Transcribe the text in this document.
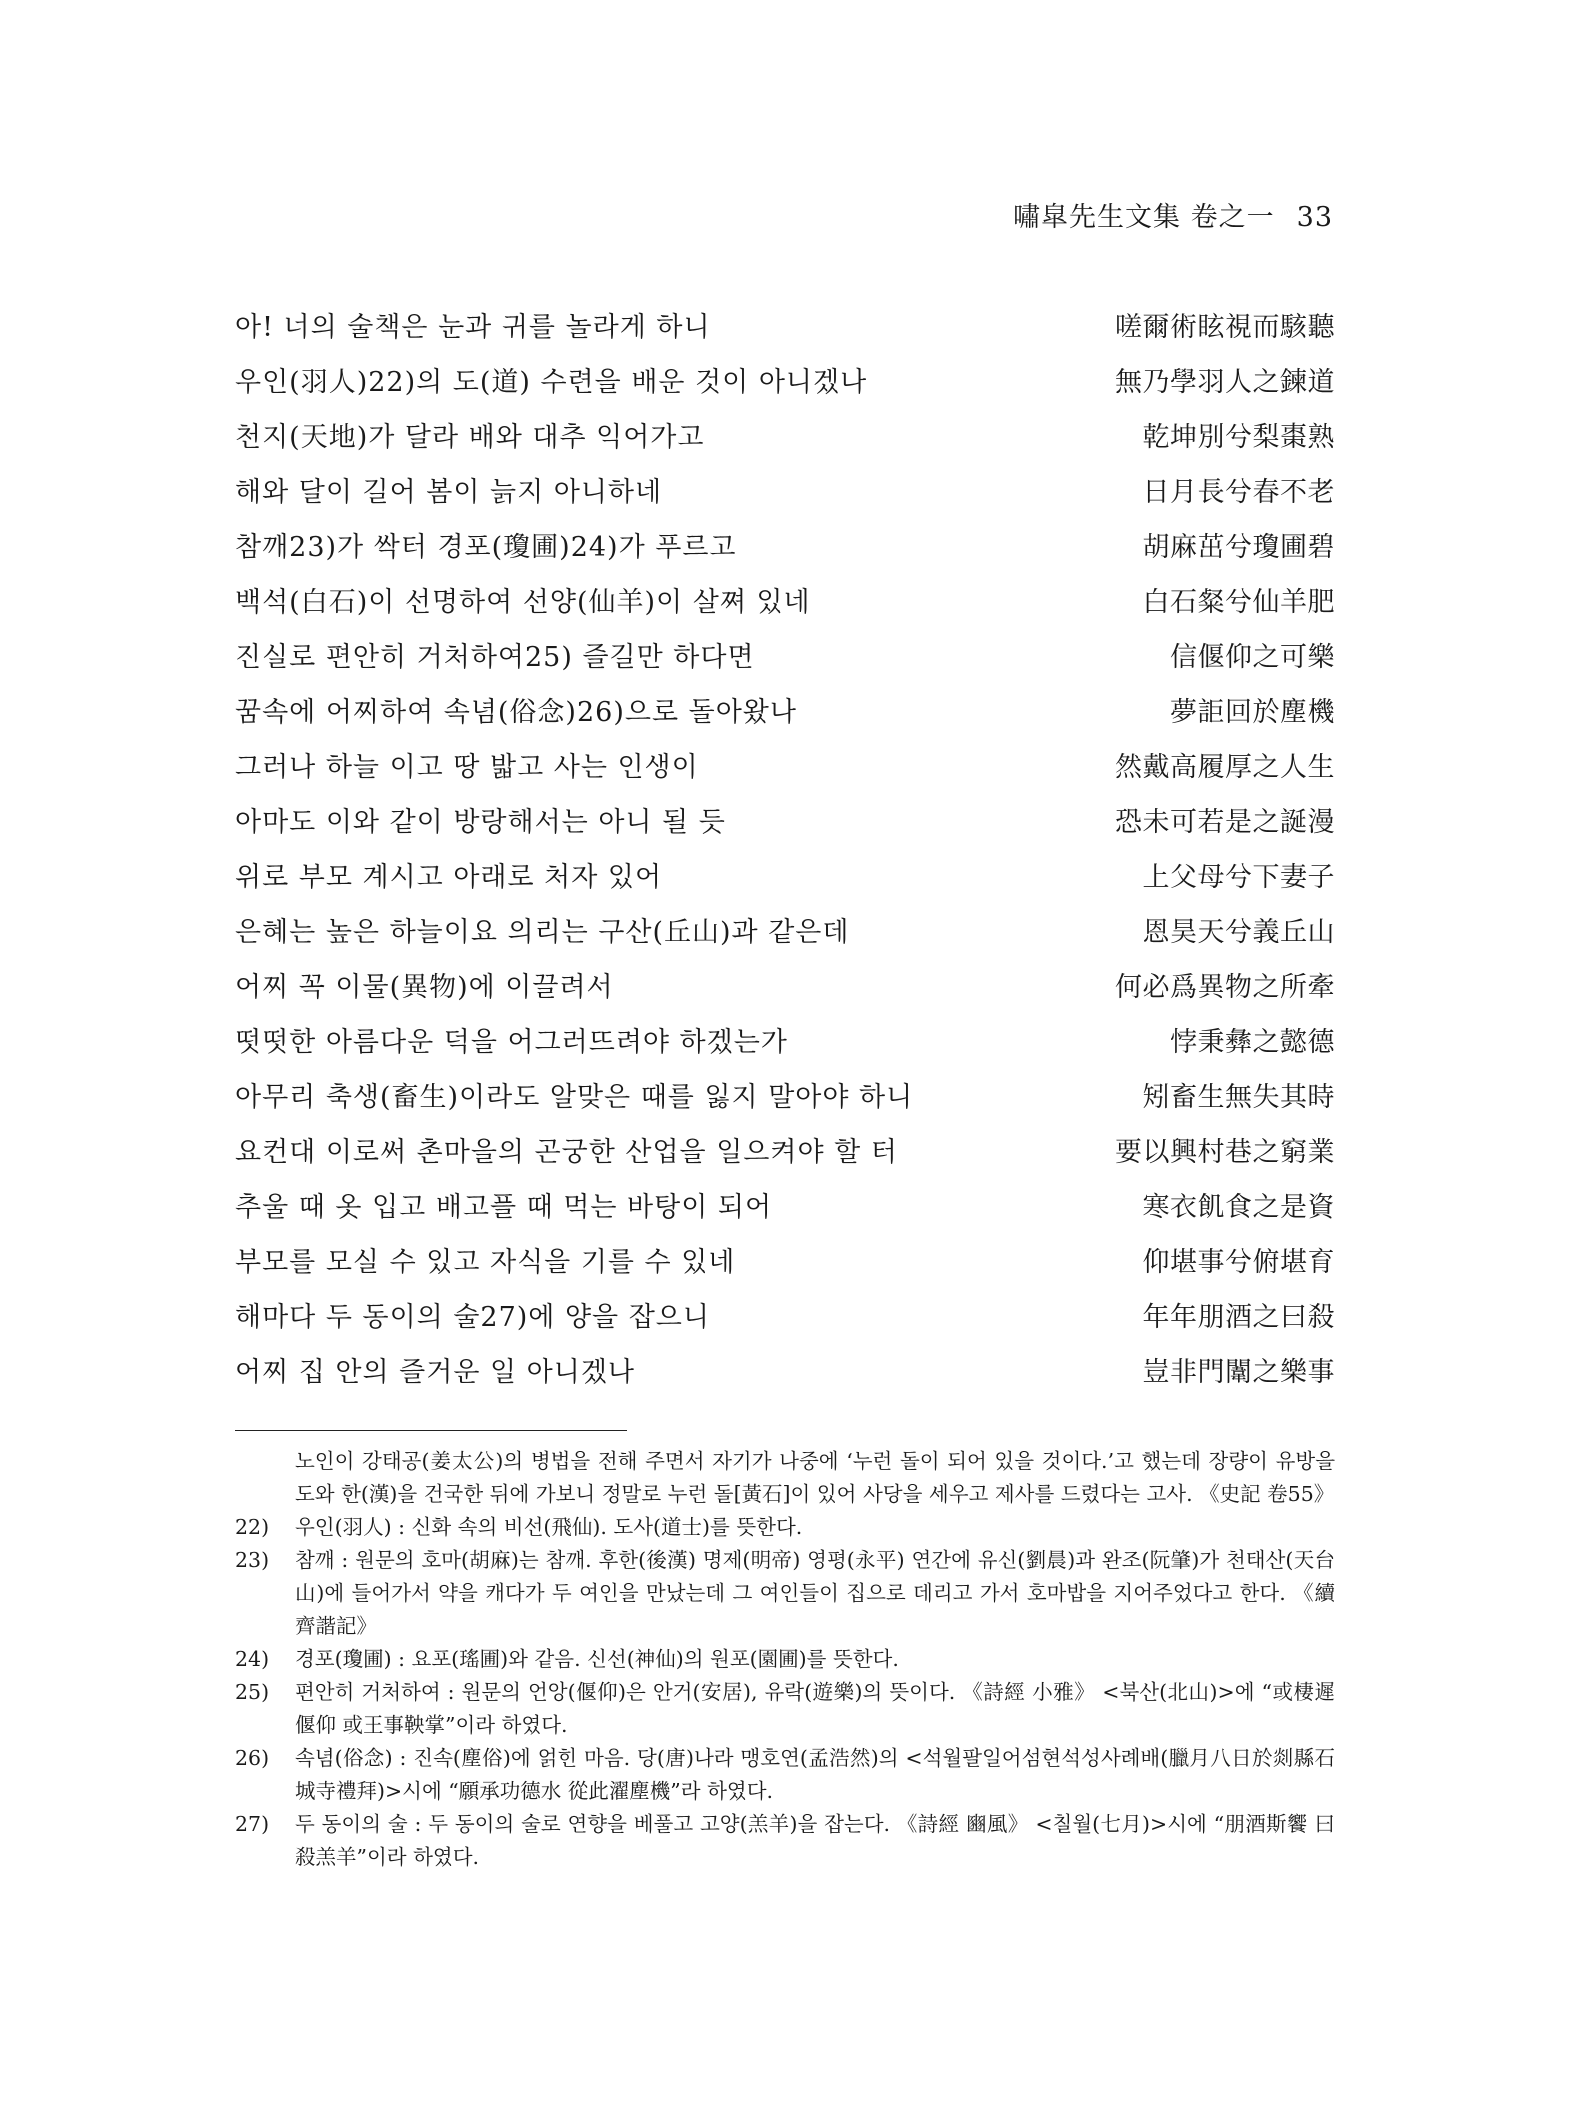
嘯皐先生文集 卷之一 33
아! 너의 술책은 눈과 귀를 놀라게 하니	嗟爾術眩視而駭聽
우인(羽人)22)의 도(道) 수련을 배운 것이 아니겠나	無乃學羽人之鍊道
천지(天地)가 달라 배와 대추 익어가고	乾坤別兮梨棗熟
해와 달이 길어 봄이 늙지 아니하네	日月長兮春不老
참깨23)가 싹터 경포(瓊圃)24)가 푸르고	胡麻茁兮瓊圃碧
백석(白石)이 선명하여 선양(仙羊)이 살쪄 있네	白石粲兮仙羊肥
진실로 편안히 거처하여25) 즐길만 하다면	信偃仰之可樂
꿈속에 어찌하여 속념(俗念)26)으로 돌아왔나	夢詎回於塵機
그러나 하늘 이고 땅 밟고 사는 인생이	然戴高履厚之人生
아마도 이와 같이 방랑해서는 아니 될 듯	恐未可若是之誕漫
위로 부모 계시고 아래로 처자 있어	上父母兮下妻子
은혜는 높은 하늘이요 의리는 구산(丘山)과 같은데	恩昊天兮義丘山
어찌 꼭 이물(異物)에 이끌려서	何必爲異物之所牽
떳떳한 아름다운 덕을 어그러뜨려야 하겠는가	悖秉彝之懿德
아무리 축생(畜生)이라도 알맞은 때를 잃지 말아야 하니	矧畜生無失其時
요컨대 이로써 촌마을의 곤궁한 산업을 일으켜야 할 터	要以興村巷之窮業
추울 때 옷 입고 배고플 때 먹는 바탕이 되어	寒衣飢食之是資
부모를 모실 수 있고 자식을 기를 수 있네	仰堪事兮俯堪育
해마다 두 동이의 술27)에 양을 잡으니	年年朋酒之曰殺
어찌 집 안의 즐거운 일 아니겠나	豈非門闈之樂事
노인이 강태공(姜太公)의 병법을 전해 주면서 자기가 나중에 ‘누런 돌이 되어 있을 것이다.’고 했는데 장량이 유방을 도와 한(漢)을 건국한 뒤에 가보니 정말로 누런 돌[黃石]이 있어 사당을 세우고 제사를 드렸다는 고사. 《史記 卷55》
22) 우인(羽人) : 신화 속의 비선(飛仙). 도사(道士)를 뜻한다.
23) 참깨 : 원문의 호마(胡麻)는 참깨. 후한(後漢) 명제(明帝) 영평(永平) 연간에 유신(劉晨)과 완조(阮肇)가 천태산(天台山)에 들어가서 약을 캐다가 두 여인을 만났는데 그 여인들이 집으로 데리고 가서 호마밥을 지어주었다고 한다. 《續齊諧記》
24) 경포(瓊圃) : 요포(瑤圃)와 같음. 신선(神仙)의 원포(園圃)를 뜻한다.
25) 편안히 거처하여 : 원문의 언앙(偃仰)은 안거(安居), 유락(遊樂)의 뜻이다. 《詩經 小雅》 <북산(北山)>에 “或棲遲偃仰 或王事鞅掌”이라 하였다.
26) 속념(俗念) : 진속(塵俗)에 얽힌 마음. 당(唐)나라 맹호연(孟浩然)의 <석월팔일어섬현석성사례배(臘月八日於剡縣石城寺禮拜)>시에 “願承功德水 從此濯塵機”라 하였다.
27) 두 동이의 술 : 두 동이의 술로 연향을 베풀고 고양(羔羊)을 잡는다. 《詩經 豳風》 <칠월(七月)>시에 “朋酒斯饗 曰殺羔羊”이라 하였다.
